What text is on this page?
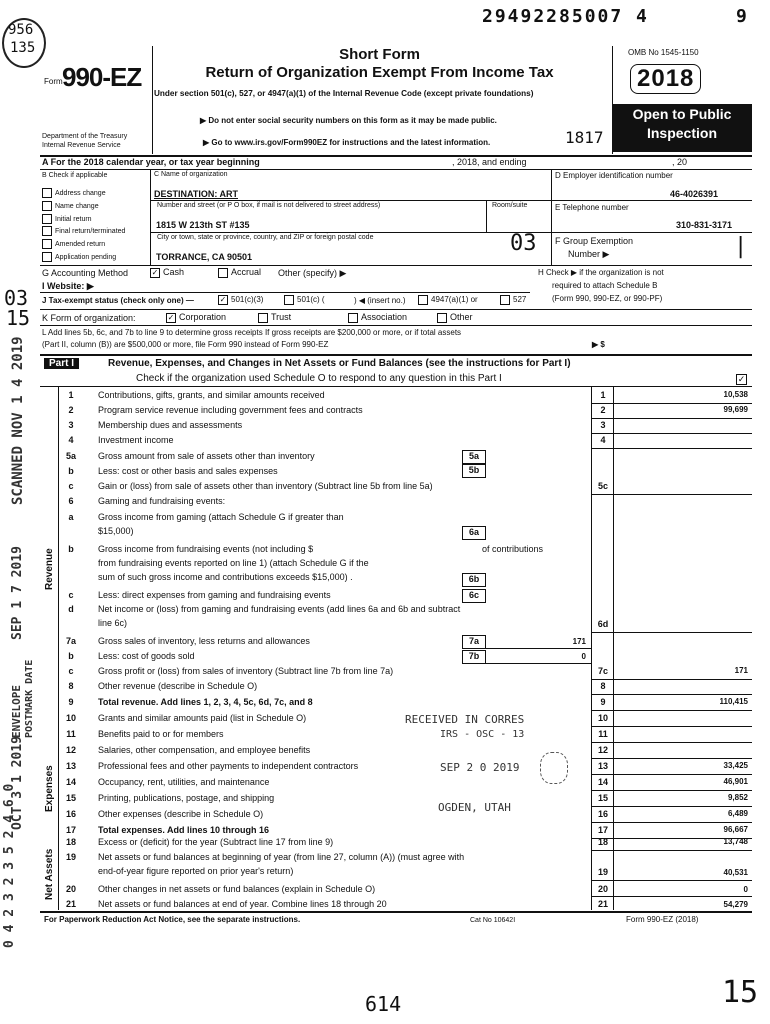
29492285007 4	9
956
135
Form 990-EZ
Short Form
Return of Organization Exempt From Income Tax
Under section 501(c), 527, or 4947(a)(1) of the Internal Revenue Code (except private foundations)
▶ Do not enter social security numbers on this form as it may be made public.
▶ Go to www.irs.gov/Form990EZ for instructions and the latest information.	1817
Department of the Treasury
Internal Revenue Service
OMB No 1545-1150
2018
Open to Public
Inspection
A For the 2018 calendar year, or tax year beginning	, 2018, and ending	, 20
B Check if applicable
Address change
Name change
Initial return
Final return/terminated
Amended return
Application pending
C Name of organization
DESTINATION: ART
Number and street (or P O box, if mail is not delivered to street address)	Room/suite
1815 W 213th ST #135
City or town, state or province, country, and ZIP or foreign postal code
TORRANCE, CA 90501
03
D Employer identification number
46-4026391
E Telephone number
310-831-3171
F Group Exemption
Number ▶	|
G Accounting Method	✓ Cash	Accrual Other (specify) ▶	H Check ▶ if the organization is not
required to attach Schedule B
(Form 990, 990-EZ, or 990-PF)
I Website: ▶
J Tax-exempt status (check only one) —	✓ 501(c)(3)	501(c) (	) ◀ (insert no.)	4947(a)(1) or	527
K Form of organization:	✓ Corporation	Trust	Association	Other
L Add lines 5b, 6c, and 7b to line 9 to determine gross receipts If gross receipts are $200,000 or more, or if total assets
(Part II, column (B)) are $500,000 or more, file Form 990 instead of Form 990-EZ	▶ $
Part I	Revenue, Expenses, and Changes in Net Assets or Fund Balances (see the instructions for Part I)
Check if the organization used Schedule O to respond to any question in this Part I	✓
Revenue
Expenses
Net Assets
1	Contributions, gifts, grants, and similar amounts received	1	10,538
2	Program service revenue including government fees and contracts	2	99,699
3	Membership dues and assessments	3
4	Investment income	4
5a	Gross amount from sale of assets other than inventory	5a
b	Less: cost or other basis and sales expenses	5b
c	Gain or (loss) from sale of assets other than inventory (Subtract line 5b from line 5a)	5c
6	Gaming and fundraising events:
a	Gross income from gaming (attach Schedule G if greater than
$15,000)	6a
b	Gross income from fundraising events (not including $	of contributions
from fundraising events reported on line 1) (attach Schedule G if the
sum of such gross income and contributions exceeds $15,000) .	6b
c	Less: direct expenses from gaming and fundraising events	6c
d	Net income or (loss) from gaming and fundraising events (add lines 6a and 6b and subtract
line 6c)	6d
7a	Gross sales of inventory, less returns and allowances	7a	171
b	Less: cost of goods sold	7b	0
c	Gross profit or (loss) from sales of inventory (Subtract line 7b from line 7a)	7c	171
8	Other revenue (describe in Schedule O)	8
9	Total revenue. Add lines 1, 2, 3, 4, 5c, 6d, 7c, and 8	9	110,415
10	Grants and similar amounts paid (list in Schedule O)	10
11	Benefits paid to or for members	11
12	Salaries, other compensation, and employee benefits	12
13	Professional fees and other payments to independent contractors	13	33,425
14	Occupancy, rent, utilities, and maintenance	14	46,901
15	Printing, publications, postage, and shipping	15	9,852
16	Other expenses (describe in Schedule O)	16	6,489
17	Total expenses. Add lines 10 through 16	17	96,667
18	Excess or (deficit) for the year (Subtract line 17 from line 9)	18	13,748
19	Net assets or fund balances at beginning of year (from line 27, column (A)) (must agree with
end-of-year figure reported on prior year's return)	19	40,531
20	Other changes in net assets or fund balances (explain in Schedule O)	20	0
21	Net assets or fund balances at end of year. Combine lines 18 through 20	21	54,279
For Paperwork Reduction Act Notice, see the separate instructions.	Cat No 10642I	Form 990-EZ (2018)
614	15
RECEIVED IN CORRES
IRS - OSC - 13
SEP 2 0 2019
OGDEN, UTAH
SCANNED NOV 1 4 2019
SEP 1 7 2019
ENVELOPE POSTMARK DATE
OCT 3 1 2019
0 4 2 3 2 3 5 2 4 6 0
03
15
